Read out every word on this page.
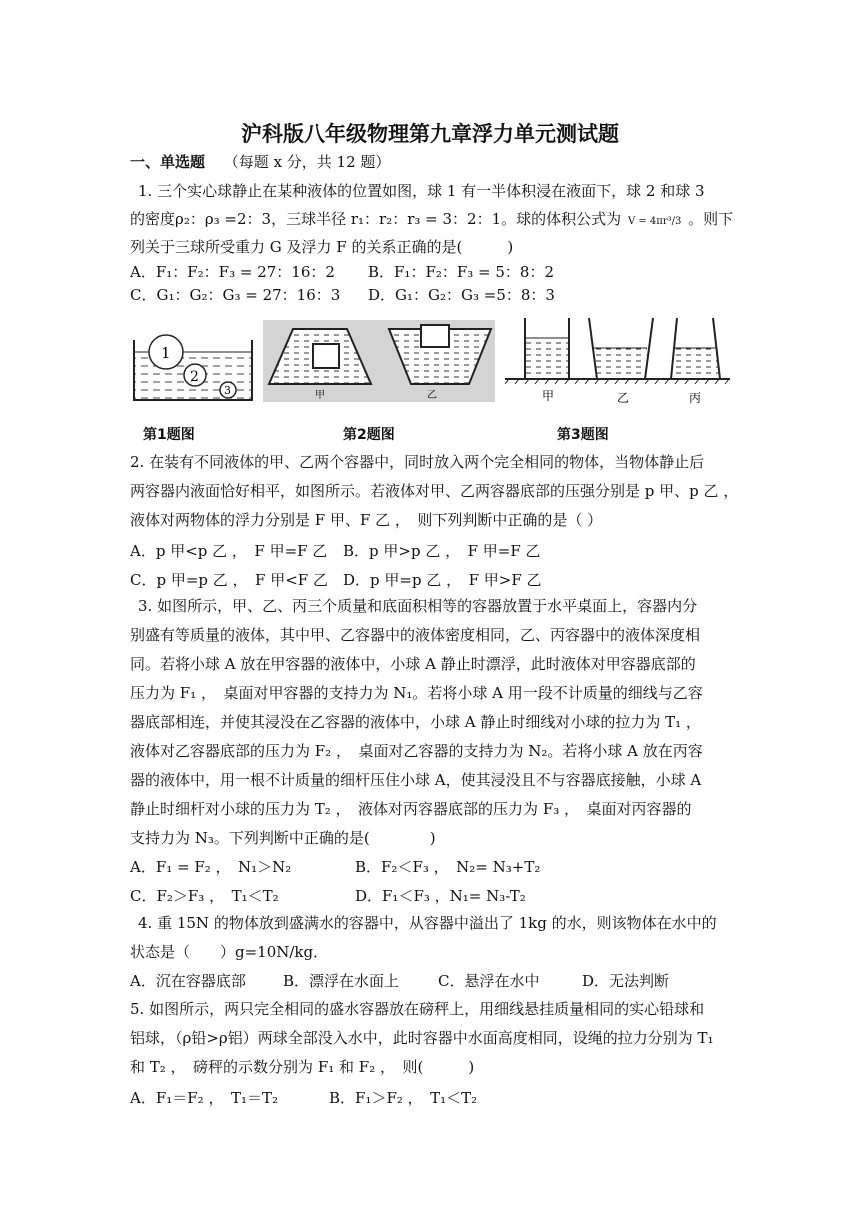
沪科版八年级物理第九章浮力单元测试题
一、单选题 （每题 x 分，共 12 题）
1. 三个实心球静止在某种液体的位置如图，球 1 有一半体积浸在液面下，球 2 和球 3
的密度ρ₂：ρ₃ =2：3，三球半径 r₁：r₂：r₃ = 3：2：1。球的体积公式为 V = 4πr³/3 。则下
列关于三球所受重力 G 及浮力 F 的关系正确的是(　　　)
A．F₁：F₂：F₃ = 27：16：2 B．F₁：F₂：F₃ = 5：8：2
C．G₁：G₂：G₃ = 27：16：3 D．G₁：G₂：G₃ =5：8：3
1
2
3	甲	乙	甲	乙	丙
第1题图	第2题图	第3题图
2. 在装有不同液体的甲、乙两个容器中，同时放入两个完全相同的物体，当物体静止后
两容器内液面恰好相平，如图所示。若液体对甲、乙两容器底部的压强分别是 p 甲、p 乙 ，
液体对两物体的浮力分别是 F 甲、F 乙 ，　则下列判断中正确的是（ ）
A．p 甲<p 乙 ，　F 甲=F 乙 B．p 甲>p 乙 ，　F 甲=F 乙
C．p 甲=p 乙 ，　F 甲<F 乙 D．p 甲=p 乙 ，　F 甲>F 乙
3. 如图所示，甲、乙、丙三个质量和底面积相等的容器放置于水平桌面上，容器内分
别盛有等质量的液体，其中甲、乙容器中的液体密度相同，乙、丙容器中的液体深度相
同。若将小球 A 放在甲容器的液体中，小球 A 静止时漂浮，此时液体对甲容器底部的
压力为 F₁ ，　桌面对甲容器的支持力为 N₁。若将小球 A 用一段不计质量的细线与乙容
器底部相连，并使其浸没在乙容器的液体中，小球 A 静止时细线对小球的拉力为 T₁ ，
液体对乙容器底部的压力为 F₂ ，　桌面对乙容器的支持力为 N₂。若将小球 A 放在丙容
器的液体中，用一根不计质量的细杆压住小球 A，使其浸没且不与容器底接触，小球 A
静止时细杆对小球的压力为 T₂ ，　液体对丙容器底部的压力为 F₃ ，　桌面对丙容器的
支持力为 N₃。下列判断中正确的是(　　　　)
A．F₁ = F₂ ，　N₁＞N₂	B．F₂＜F₃ ，　N₂= N₃+T₂
C．F₂＞F₃ ，　T₁＜T₂	D．F₁＜F₃ ，N₁= N₃-T₂
4. 重 15N 的物体放到盛满水的容器中，从容器中溢出了 1kg 的水，则该物体在水中的
状态是（　　）g=10N/kg．
A．沉在容器底部 B．漂浮在水面上	C．悬浮在水中	D．无法判断
5. 如图所示，两只完全相同的盛水容器放在磅秤上，用细线悬挂质量相同的实心铅球和
铝球，（ρ铅>ρ铝）两球全部没入水中，此时容器中水面高度相同，设绳的拉力分别为 T₁
和 T₂ ，　磅秤的示数分别为 F₁ 和 F₂ ，　则(　　　)
A．F₁＝F₂ ，　T₁＝T₂	B．F₁＞F₂ ，　T₁＜T₂
